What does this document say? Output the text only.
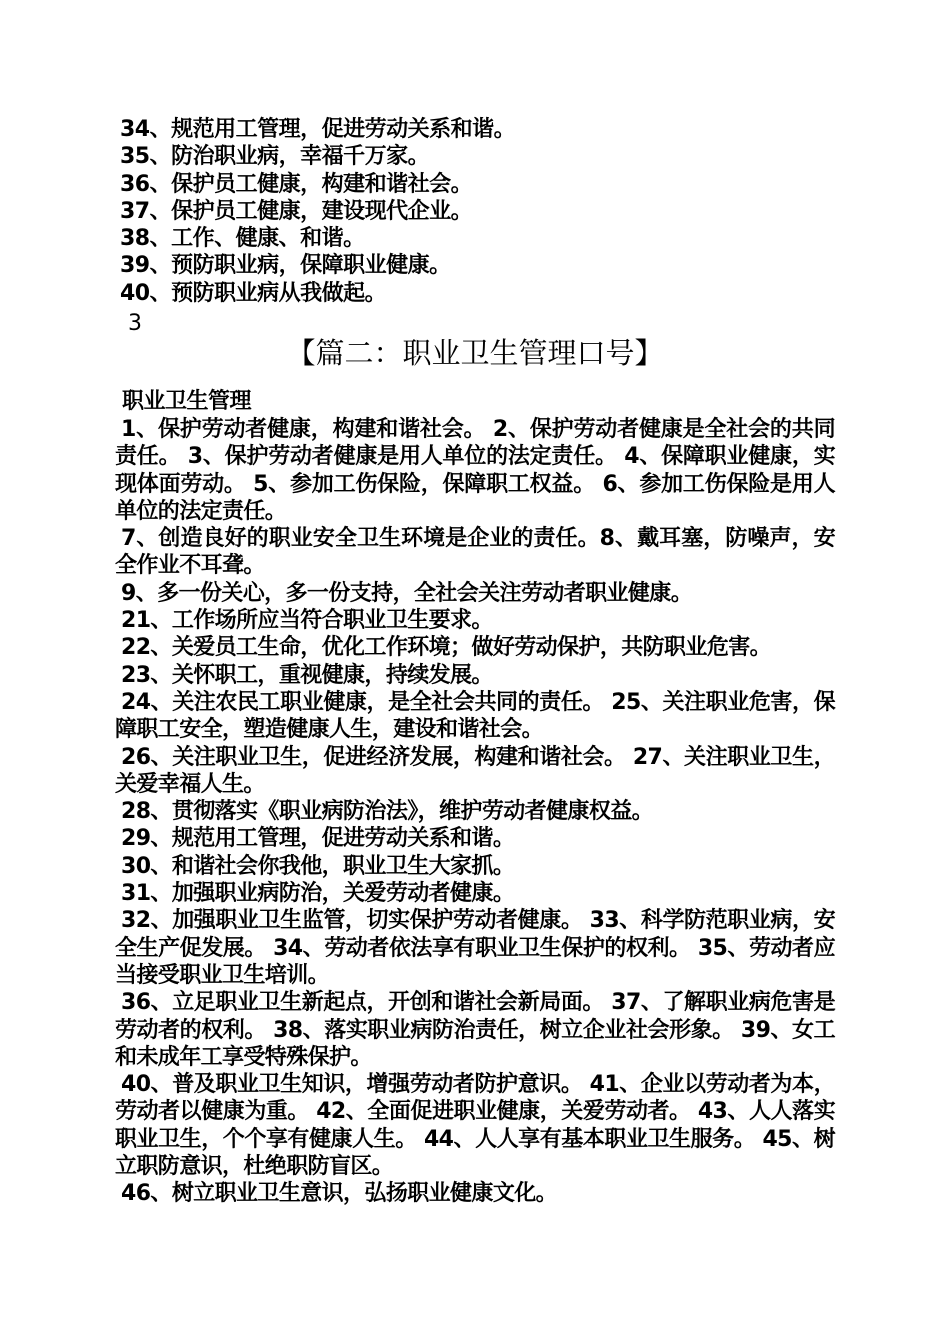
34、规范用工管理，促进劳动关系和谐。
35、防治职业病，幸福千万家。
36、保护员工健康，构建和谐社会。
37、保护员工健康，建设现代企业。
38、工作、健康、和谐。
39、预防职业病，保障职业健康。
40、预防职业病从我做起。
3
【篇二：职业卫生管理口号】
职业卫生管理
1、保护劳动者健康，构建和谐社会。 2、保护劳动者健康是全社会的共同责任。 3、保护劳动者健康是用人单位的法定责任。 4、保障职业健康，实现体面劳动。 5、参加工伤保险，保障职工权益。 6、参加工伤保险是用人单位的法定责任。
7、创造良好的职业安全卫生环境是企业的责任。8、戴耳塞，防噪声，安全作业不耳聋。
9、多一份关心，多一份支持，全社会关注劳动者职业健康。
21、工作场所应当符合职业卫生要求。
22、关爱员工生命，优化工作环境；做好劳动保护，共防职业危害。
23、关怀职工，重视健康，持续发展。
24、关注农民工职业健康，是全社会共同的责任。 25、关注职业危害，保障职工安全，塑造健康人生，建设和谐社会。
26、关注职业卫生，促进经济发展，构建和谐社会。 27、关注职业卫生，关爱幸福人生。
28、贯彻落实《职业病防治法》，维护劳动者健康权益。
29、规范用工管理，促进劳动关系和谐。
30、和谐社会你我他，职业卫生大家抓。
31、加强职业病防治，关爱劳动者健康。
32、加强职业卫生监管，切实保护劳动者健康。 33、科学防范职业病，安全生产促发展。 34、劳动者依法享有职业卫生保护的权利。 35、劳动者应当接受职业卫生培训。
36、立足职业卫生新起点，开创和谐社会新局面。 37、了解职业病危害是劳动者的权利。 38、落实职业病防治责任，树立企业社会形象。 39、女工和未成年工享受特殊保护。
40、普及职业卫生知识，增强劳动者防护意识。 41、企业以劳动者为本，劳动者以健康为重。 42、全面促进职业健康，关爱劳动者。 43、人人落实职业卫生，个个享有健康人生。 44、人人享有基本职业卫生服务。 45、树立职防意识，杜绝职防盲区。
46、树立职业卫生意识，弘扬职业健康文化。
